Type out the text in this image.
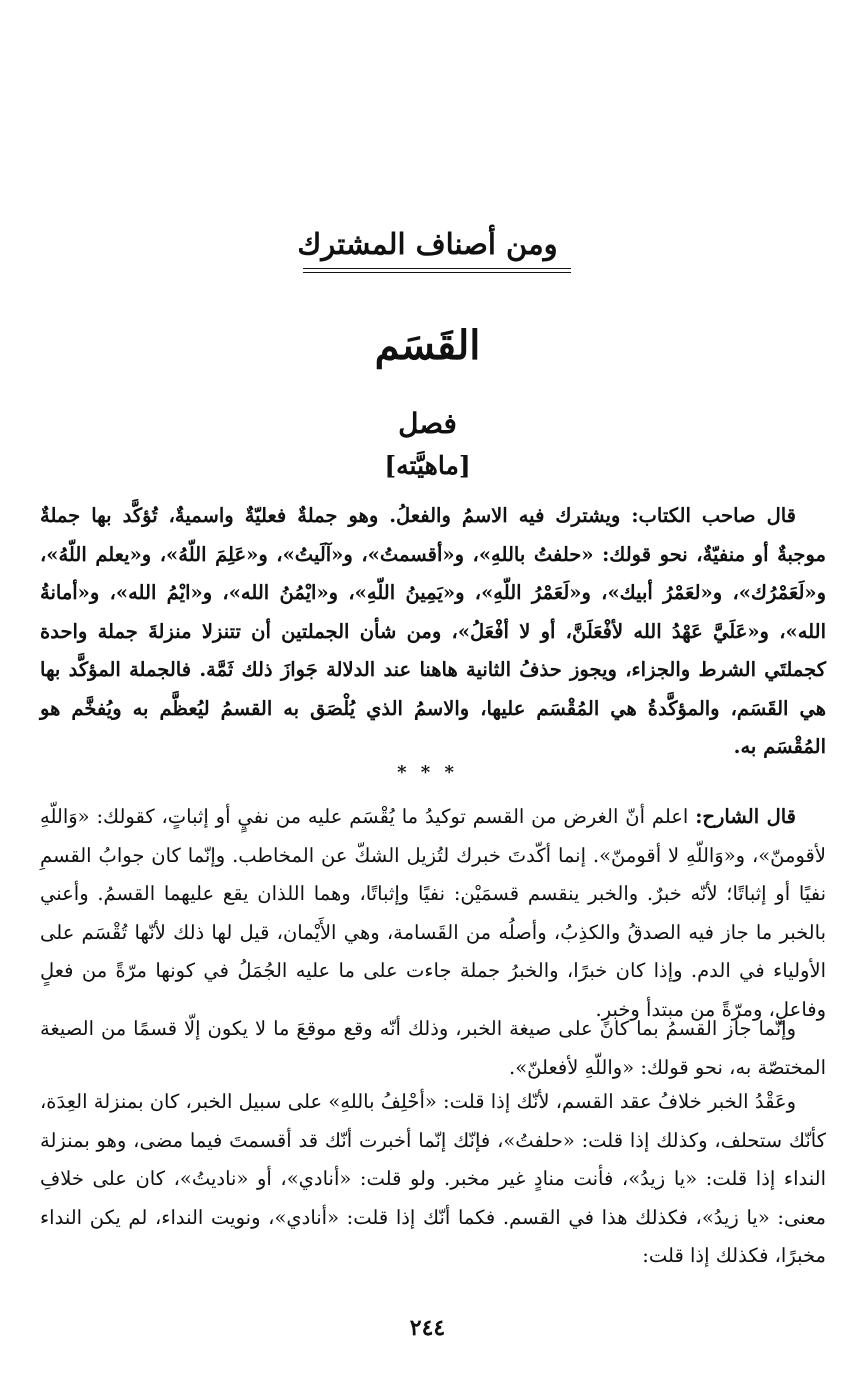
ومن أصناف المشترك
القَسَم
فصل
[ماهيَّته]

قال صاحب الكتاب: ويشترك فيه الاسمُ والفعلُ. وهو جملةٌ فعليّةٌ واسميةٌ، تُؤكَّد بها جملةٌ موجبةٌ أو منفيّةٌ، نحو قولك: «حلفتُ باللهِ»، و«أقسمتُ»، و«آلَيتُ»، و«عَلِمَ اللّهُ»، و«يعلم اللّهُ»، و«لَعَمْرُك»، و«لعَمْرُ أبيك»، و«لَعَمْرُ اللّهِ»، و«يَمِينُ اللّهِ»، و«ايْمُنُ الله»، و«ايْمُ الله»، و«أمانةُ الله»، و«عَلَيَّ عَهْدُ الله لأفْعَلَنَّ، أو لا أفْعَلُ»، ومن شأن الجملتين أن تتنزلا منزلةَ جملة واحدة كجملتَي الشرط والجزاء، ويجوز حذفُ الثانية هاهنا عند الدلالة جَوازَ ذلك ثَمَّة. فالجملة المؤكَّد بها هي القَسَم، والمؤكَّدةُ هي المُقْسَم عليها، والاسمُ الذي يُلْصَق به القسمُ ليُعظَّم به ويُفخَّم هو المُقْسَم به.

* * *

قال الشارح: اعلم أنّ الغرض من القسم توكيدُ ما يُقْسَم عليه من نفيٍ أو إثباتٍ، كقولك: «وَاللّهِ لأقومنّ»، و«وَاللّهِ لا أقومنّ». إنما أكّدتَ خبرك لتُزيل الشكّ عن المخاطب. وإنّما كان جوابُ القسمِ نفيًا أو إثباتًا؛ لأنّه خبرٌ. والخبر ينقسم قسمَيْن: نفيًا وإثباتًا، وهما اللذان يقع عليهما القسمُ. وأعني بالخبر ما جاز فيه الصدقُ والكذِبُ، وأصلُه من القَسامة، وهي الأَيْمان، قيل لها ذلك لأنّها تُقْسَم على الأولياء في الدم. وإذا كان خبرًا، والخبرُ جملة جاءت على ما عليه الجُمَلُ في كونها مرّةً من فعلٍ وفاعلٍ، ومرّةً من مبتدأ وخبرٍ.

وإنّما جاز القسمُ بما كان على صيغة الخبر، وذلك أنّه وقع موقعَ ما لا يكون إلّا قسمًا من الصيغة المختصّة به، نحو قولك: «واللّهِ لأفعلنّ».

وعَقْدُ الخبر خلافُ عقد القسم، لأنّك إذا قلت: «أحْلِفُ باللهِ» على سبيل الخبر، كان بمنزلة العِدَة، كأنّك ستحلف، وكذلك إذا قلت: «حلفتُ»، فإنّك إنّما أخبرت أنّك قد أقسمتَ فيما مضى، وهو بمنزلة النداء إذا قلت: «يا زيدُ»، فأنت منادٍ غير مخبر. ولو قلت: «أنادي»، أو «ناديتُ»، كان على خلافِ معنى: «يا زيدُ»، فكذلك هذا في القسم. فكما أنّك إذا قلت: «أنادي»، ونويت النداء، لم يكن النداء مخبرًا، فكذلك إذا قلت:

٢٤٤
